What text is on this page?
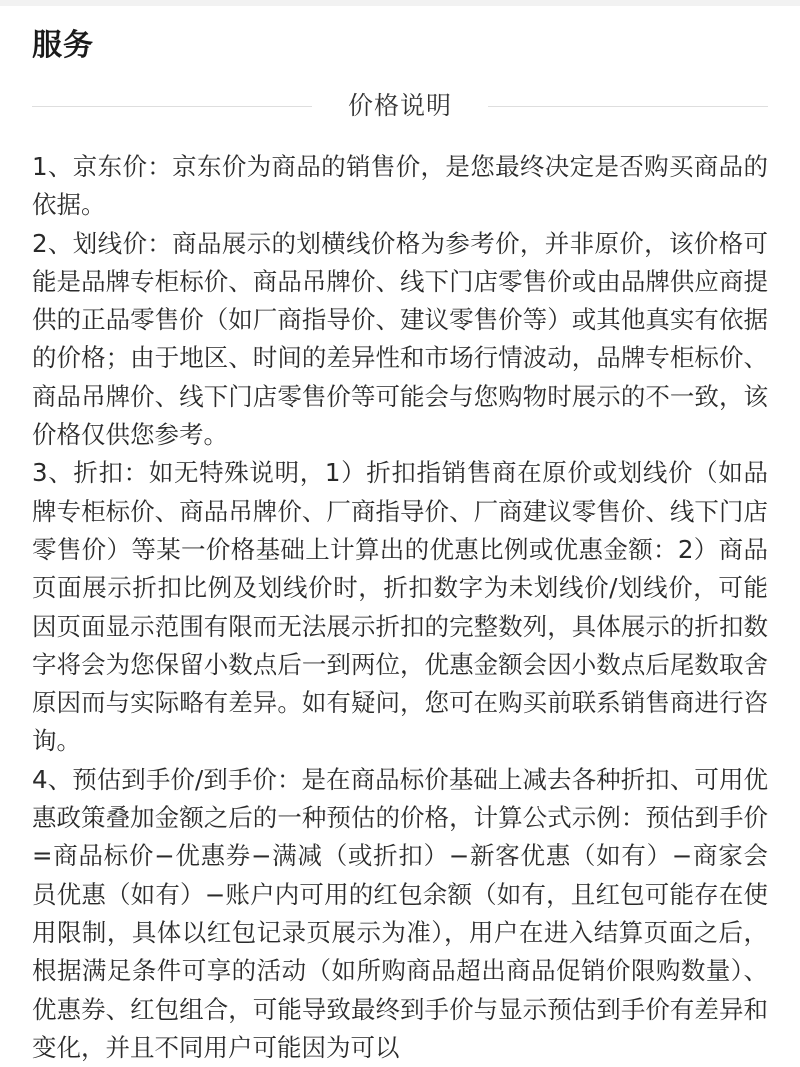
服务
价格说明

1、京东价：京东价为商品的销售价，是您最终决定是否购买商品的依据。

2、划线价：商品展示的划横线价格为参考价，并非原价，该价格可能是品牌专柜标价、商品吊牌价、线下门店零售价或由品牌供应商提供的正品零售价（如厂商指导价、建议零售价等）或其他真实有依据的价格；由于地区、时间的差异性和市场行情波动，品牌专柜标价、商品吊牌价、线下门店零售价等可能会与您购物时展示的不一致，该价格仅供您参考。

3、折扣：如无特殊说明，1）折扣指销售商在原价或划线价（如品牌专柜标价、商品吊牌价、厂商指导价、厂商建议零售价、线下门店零售价）等某一价格基础上计算出的优惠比例或优惠金额：2）商品页面展示折扣比例及划线价时，折扣数字为未划线价/划线价，可能因页面显示范围有限而无法展示折扣的完整数列，具体展示的折扣数字将会为您保留小数点后一到两位，优惠金额会因小数点后尾数取舍原因而与实际略有差异。如有疑问，您可在购买前联系销售商进行咨询。

4、预估到手价/到手价：是在商品标价基础上减去各种折扣、可用优惠政策叠加金额之后的一种预估的价格，计算公式示例：预估到手价=商品标价−优惠券−满减（或折扣）−新客优惠（如有）−商家会员优惠（如有）−账户内可用的红包余额（如有，且红包可能存在使用限制，具体以红包记录页展示为准），用户在进入结算页面之后，根据满足条件可享的活动（如所购商品超出商品促销价限购数量）、优惠券、红包组合，可能导致最终到手价与显示预估到手价有差异和变化，并且不同用户可能因为可以
